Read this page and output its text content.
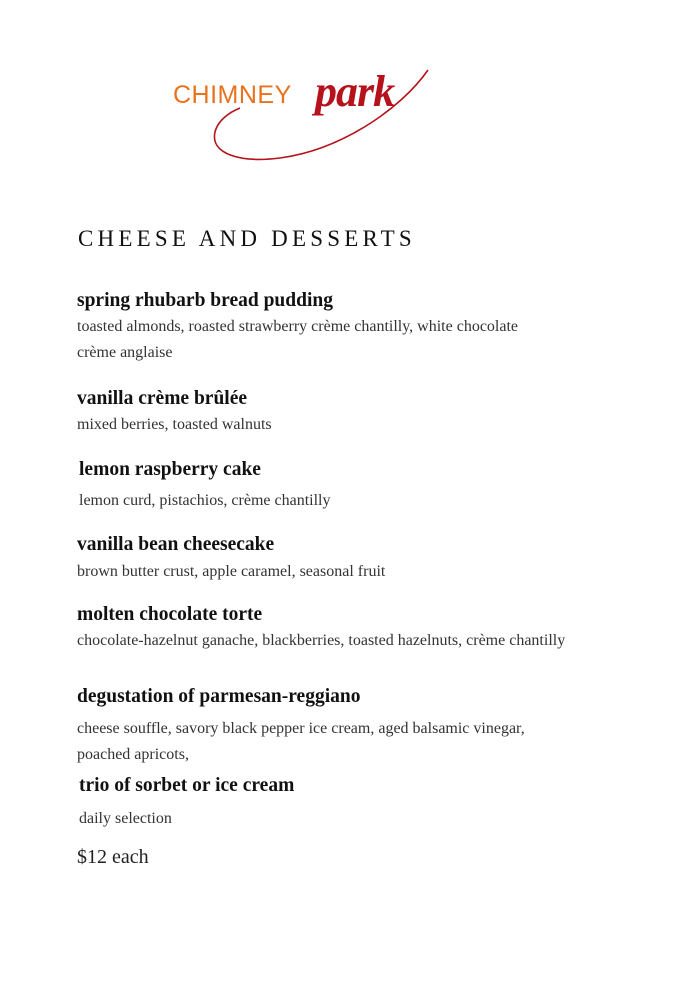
CHIMNEY park
CHEESE AND DESSERTS
spring rhubarb bread pudding
toasted almonds, roasted strawberry crème chantilly, white chocolate crème anglaise
vanilla crème brûlée
mixed berries, toasted walnuts
lemon raspberry cake
lemon curd, pistachios, crème chantilly
vanilla bean cheesecake
brown butter crust, apple caramel, seasonal fruit
molten chocolate torte
chocolate-hazelnut ganache, blackberries, toasted hazelnuts, crème chantilly
degustation of parmesan-reggiano
cheese souffle, savory black pepper ice cream, aged balsamic vinegar, poached apricots,
trio of sorbet or ice cream
daily selection
$12 each
